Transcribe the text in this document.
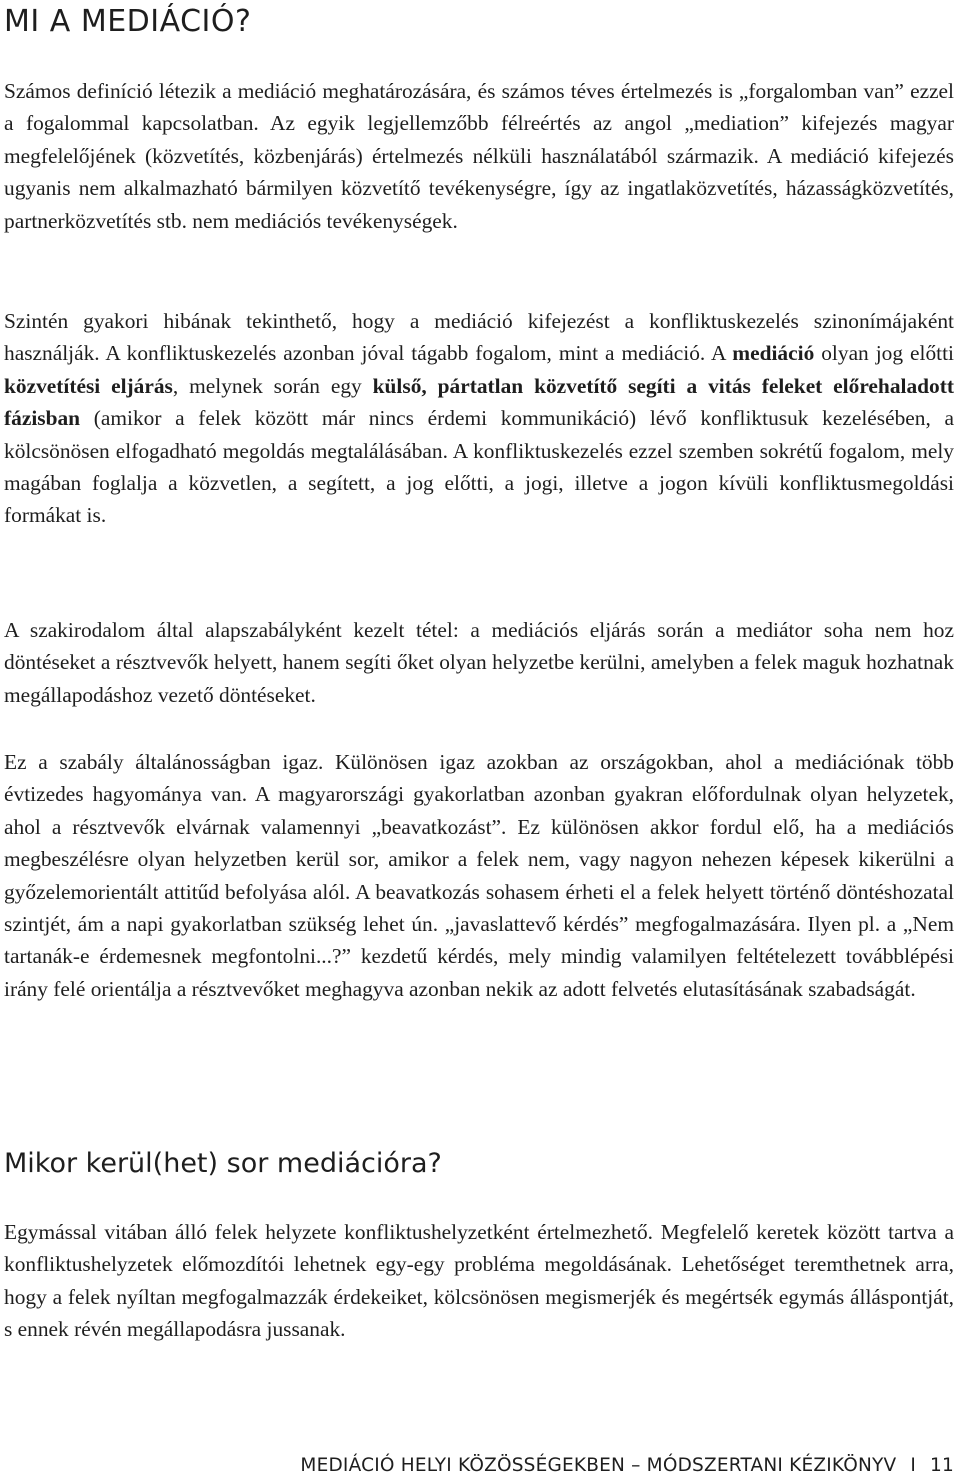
MI A MEDIÁCIÓ?

Számos definíció létezik a mediáció meghatározására, és számos téves értelmezés is „forgalomban van” ezzel a fogalommal kapcsolatban. Az egyik legjellemzőbb félreértés az angol „mediation” kifejezés magyar megfelelőjének (közvetítés, közbenjárás) értelmezés nélküli használatából származik. A mediáció kifejezés ugyanis nem alkalmazható bármilyen közvetítő tevékenységre, így az ingatlaközvetítés, házasságközvetítés, partnerközvetítés stb. nem mediációs tevékenységek.

Szintén gyakori hibának tekinthető, hogy a mediáció kifejezést a konfliktuskezelés szinonímájaként használják. A konfliktuskezelés azonban jóval tágabb fogalom, mint a mediáció. A mediáció olyan jog előtti közvetítési eljárás, melynek során egy külső, pártatlan közvetítő segíti a vitás feleket előrehaladott fázisban (amikor a felek között már nincs érdemi kommunikáció) lévő konfliktusuk kezelésében, a kölcsönösen elfogadható megoldás megtalálásában. A konfliktuskezelés ezzel szemben sokrétű fogalom, mely magában foglalja a közvetlen, a segített, a jog előtti, a jogi, illetve a jogon kívüli konfliktusmegoldási formákat is.

A szakirodalom által alapszabályként kezelt tétel: a mediációs eljárás során a mediátor soha nem hoz döntéseket a résztvevők helyett, hanem segíti őket olyan helyzetbe kerülni, amelyben a felek maguk hozhatnak megállapodáshoz vezető döntéseket.

Ez a szabály általánosságban igaz. Különösen igaz azokban az országokban, ahol a mediációnak több évtizedes hagyománya van. A magyarországi gyakorlatban azonban gyakran előfordulnak olyan helyzetek, ahol a résztvevők elvárnak valamennyi „beavatkozást”. Ez különösen akkor fordul elő, ha a mediációs megbeszélésre olyan helyzetben kerül sor, amikor a felek nem, vagy nagyon nehezen képesek kikerülni a győzelemorientált attitűd befolyása alól. A beavatkozás sohasem érheti el a felek helyett történő döntéshozatal szintjét, ám a napi gyakorlatban szükség lehet ún. „javaslattevő kérdés” megfogalmazására. Ilyen pl. a „Nem tartanák-e érdemesnek megfontolni...?” kezdetű kérdés, mely mindig valamilyen feltételezett továbblépési irány felé orientálja a résztvevőket meghagyva azonban nekik az adott felvetés elutasításának szabadságát.

Mikor kerül(het) sor mediációra?

Egymással vitában álló felek helyzete konfliktushelyzetként értelmezhető. Megfelelő keretek között tartva a konfliktushelyzetek előmozdítói lehetnek egy-egy probléma megoldásának. Lehetőséget teremthetnek arra, hogy a felek nyíltan megfogalmazzák érdekeiket, kölcsönösen megismerjék és megértsék egymás álláspontját, s ennek révén megállapodásra jussanak.

MEDIÁCIÓ HELYI KÖZÖSSÉGEKBEN – MÓDSZERTANI KÉZIKÖNYV I 11
